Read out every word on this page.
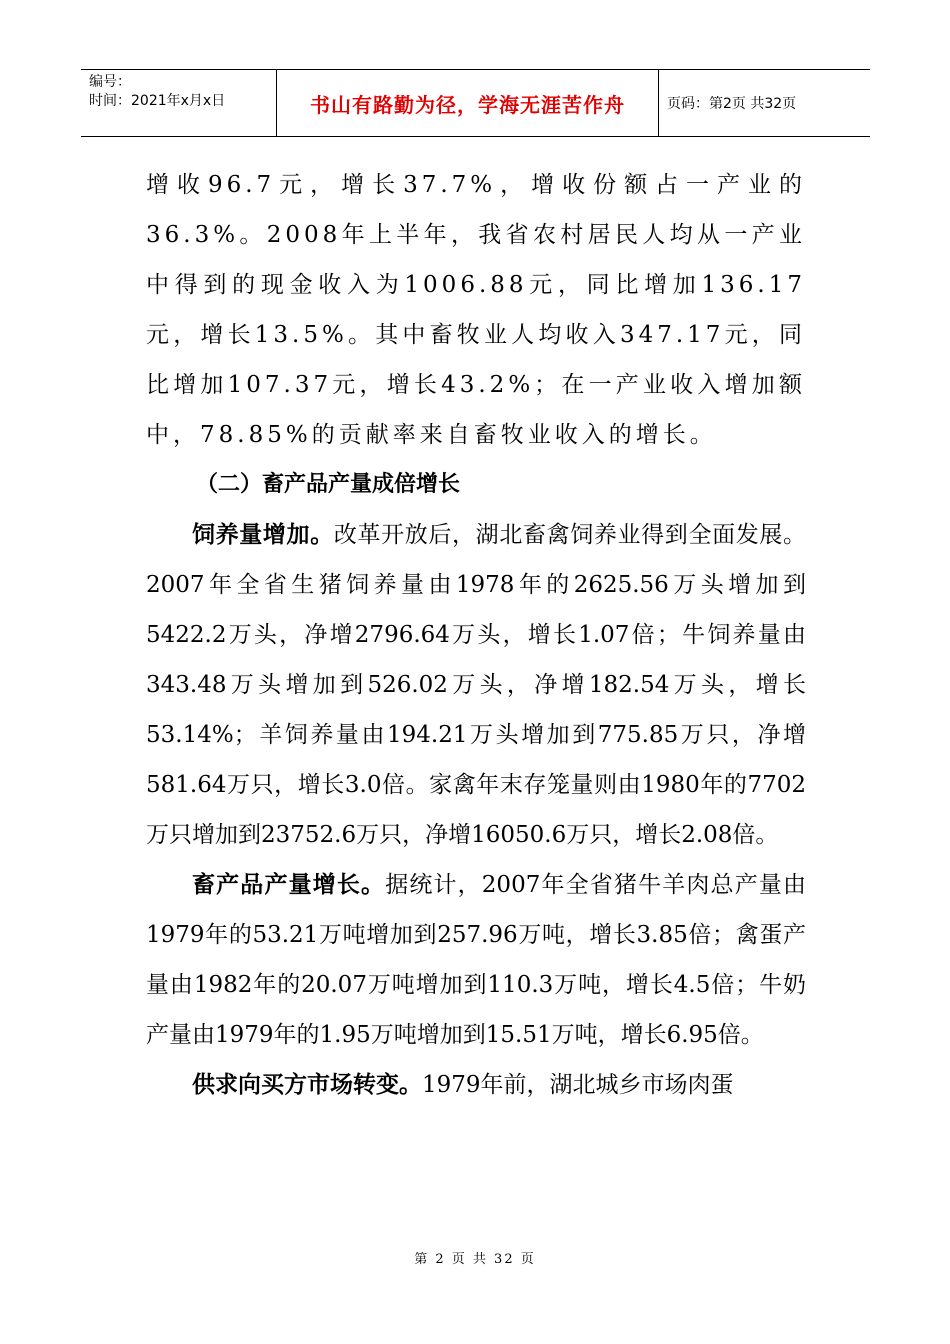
编号：
时间：2021年x月x日	书山有路勤为径，学海无涯苦作舟	页码：第2页 共32页

增收96.7元，增长37.7%，增收份额占一产业的36.3%。2008年上半年，我省农村居民人均从一产业中得到的现金收入为1006.88元，同比增加136.17元，增长13.5%。其中畜牧业人均收入347.17元，同比增加107.37元，增长43.2%；在一产业收入增加额中，78.85%的贡献率来自畜牧业收入的增长。

（二）畜产品产量成倍增长

饲养量增加。改革开放后，湖北畜禽饲养业得到全面发展。2007年全省生猪饲养量由1978年的2625.56万头增加到5422.2万头，净增2796.64万头，增长1.07倍；牛饲养量由343.48万头增加到526.02万头，净增182.54万头，增长53.14%；羊饲养量由194.21万头增加到775.85万只，净增581.64万只，增长3.0倍。家禽年末存笼量则由1980年的7702万只增加到23752.6万只，净增16050.6万只，增长2.08倍。

畜产品产量增长。据统计，2007年全省猪牛羊肉总产量由1979年的53.21万吨增加到257.96万吨，增长3.85倍；禽蛋产量由1982年的20.07万吨增加到110.3万吨，增长4.5倍；牛奶产量由1979年的1.95万吨增加到15.51万吨，增长6.95倍。

供求向买方市场转变。1979年前，湖北城乡市场肉蛋

第 2 页 共 32 页
